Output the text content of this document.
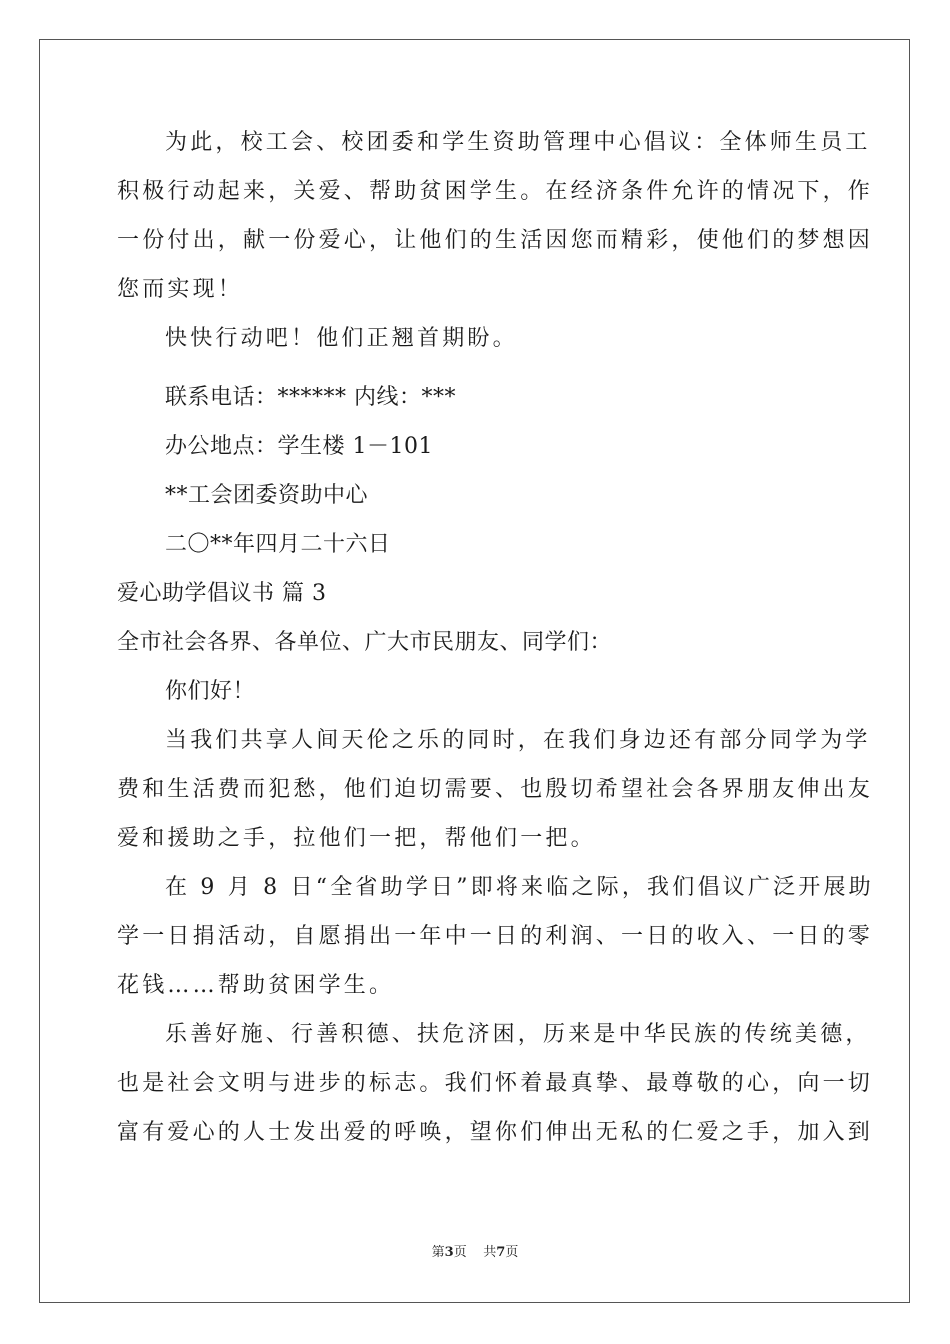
为此，校工会、校团委和学生资助管理中心倡议：全体师生员工
积极行动起来，关爱、帮助贫困学生。在经济条件允许的情况下，作
一份付出，献一份爱心，让他们的生活因您而精彩，使他们的梦想因
您而实现！
快快行动吧！他们正翘首期盼。
联系电话：****** 内线：***
办公地点：学生楼 1－101
**工会团委资助中心
二〇**年四月二十六日
爱心助学倡议书 篇 3
全市社会各界、各单位、广大市民朋友、同学们：
你们好！
当我们共享人间天伦之乐的同时，在我们身边还有部分同学为学
费和生活费而犯愁，他们迫切需要、也殷切希望社会各界朋友伸出友
爱和援助之手，拉他们一把，帮他们一把。
在 9 月 8 日“全省助学日”即将来临之际，我们倡议广泛开展助
学一日捐活动，自愿捐出一年中一日的利润、一日的收入、一日的零
花钱……帮助贫困学生。
乐善好施、行善积德、扶危济困，历来是中华民族的传统美德，
也是社会文明与进步的标志。我们怀着最真挚、最尊敬的心，向一切
富有爱心的人士发出爱的呼唤，望你们伸出无私的仁爱之手，加入到
第3页 共7页
